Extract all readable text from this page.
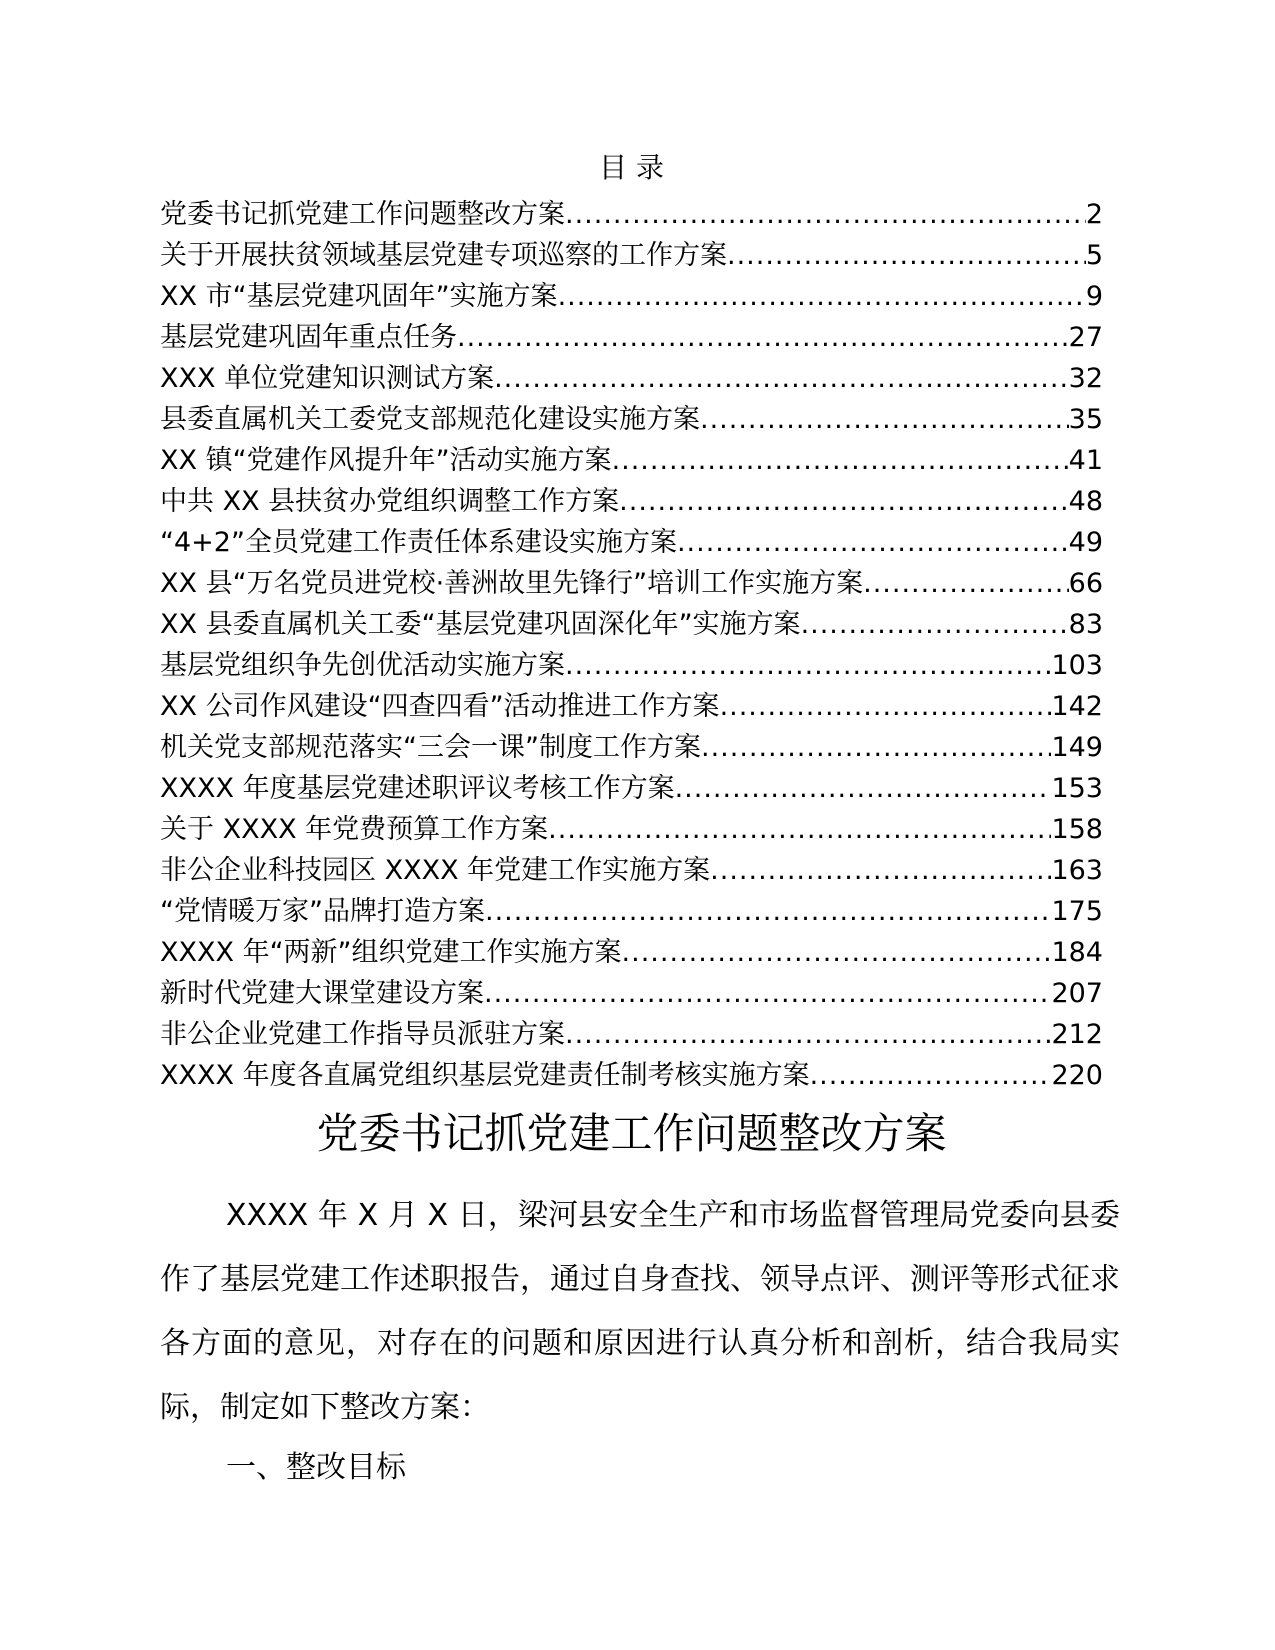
目 录
党委书记抓党建工作问题整改方案 .....	2
关于开展扶贫领域基层党建专项巡察的工作方案 .....	5
XX 市“基层党建巩固年”实施方案 .....	9
基层党建巩固年重点任务 .....	27
XXX 单位党建知识测试方案 .....	32
县委直属机关工委党支部规范化建设实施方案 .....	35
XX 镇“党建作风提升年”活动实施方案 .....	41
中共 XX 县扶贫办党组织调整工作方案 .....	48
“4+2”全员党建工作责任体系建设实施方案 .....	49
XX 县“万名党员进党校·善洲故里先锋行”培训工作实施方案 .....	66
XX 县委直属机关工委“基层党建巩固深化年”实施方案 .....	83
基层党组织争先创优活动实施方案 .....	103
XX 公司作风建设“四查四看”活动推进工作方案 .....	142
机关党支部规范落实“三会一课”制度工作方案 .....	149
XXXX 年度基层党建述职评议考核工作方案 .....	153
关于 XXXX 年党费预算工作方案 .....	158
非公企业科技园区 XXXX 年党建工作实施方案 .....	163
“党情暖万家”品牌打造方案 .....	175
XXXX 年“两新”组织党建工作实施方案 .....	184
新时代党建大课堂建设方案 .....	207
非公企业党建工作指导员派驻方案 .....	212
XXXX 年度各直属党组织基层党建责任制考核实施方案 .....	220
党委书记抓党建工作问题整改方案

XXXX 年 X 月 X 日，梁河县安全生产和市场监督管理局党委向县委作了基层党建工作述职报告，通过自身查找、领导点评、测评等形式征求各方面的意见，对存在的问题和原因进行认真分析和剖析，结合我局实际，制定如下整改方案：

一、整改目标
